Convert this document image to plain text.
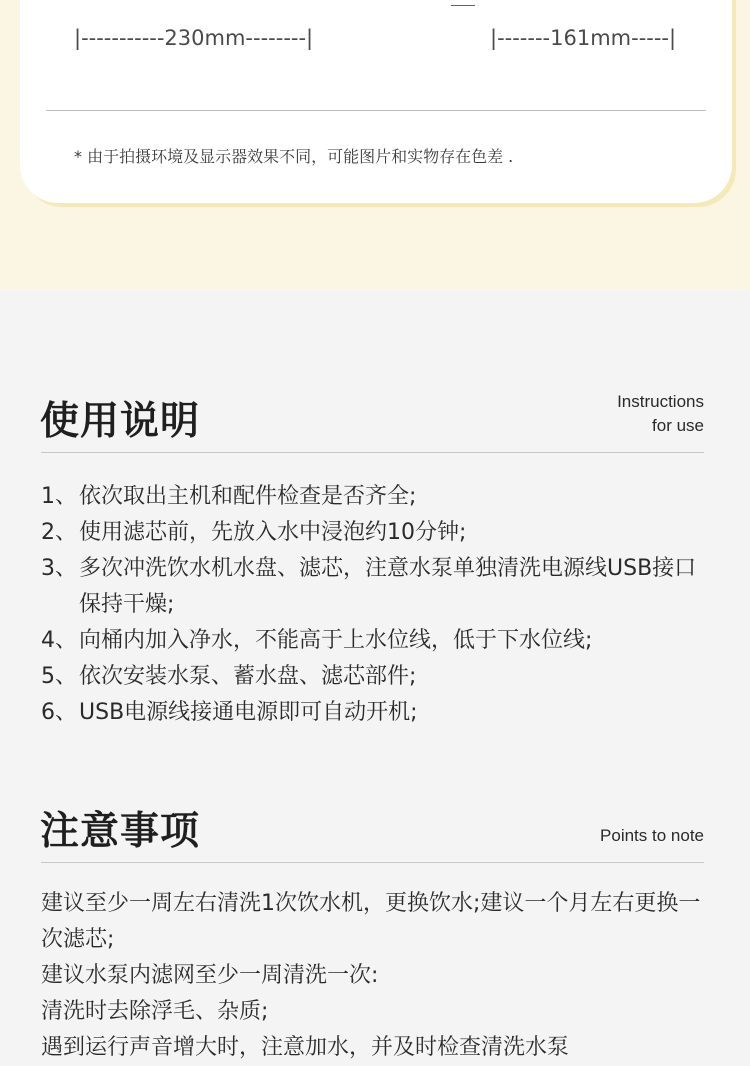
|-----------230mm--------|	|-------161mm-----|
* 由于拍摄环境及显示器效果不同，可能图片和实物存在色差 .
使用说明	Instructions
for use
1、 依次取出主机和配件检查是否齐全;
2、 使用滤芯前，先放入水中浸泡约10分钟;
3、 多次冲洗饮水机水盘、滤芯，注意水泵单独清洗电源线USB接口保持干燥;
4、 向桶内加入净水，不能高于上水位线，低于下水位线;
5、 依次安装水泵、蓄水盘、滤芯部件;
6、 USB电源线接通电源即可自动开机;
注意事项	Points to note
建议至少一周左右清洗1次饮水机，更换饮水;建议一个月左右更换一次滤芯;
建议水泵内滤网至少一周清洗一次:
清洗时去除浮毛、杂质;
遇到运行声音增大时，注意加水，并及时检查清洗水泵
